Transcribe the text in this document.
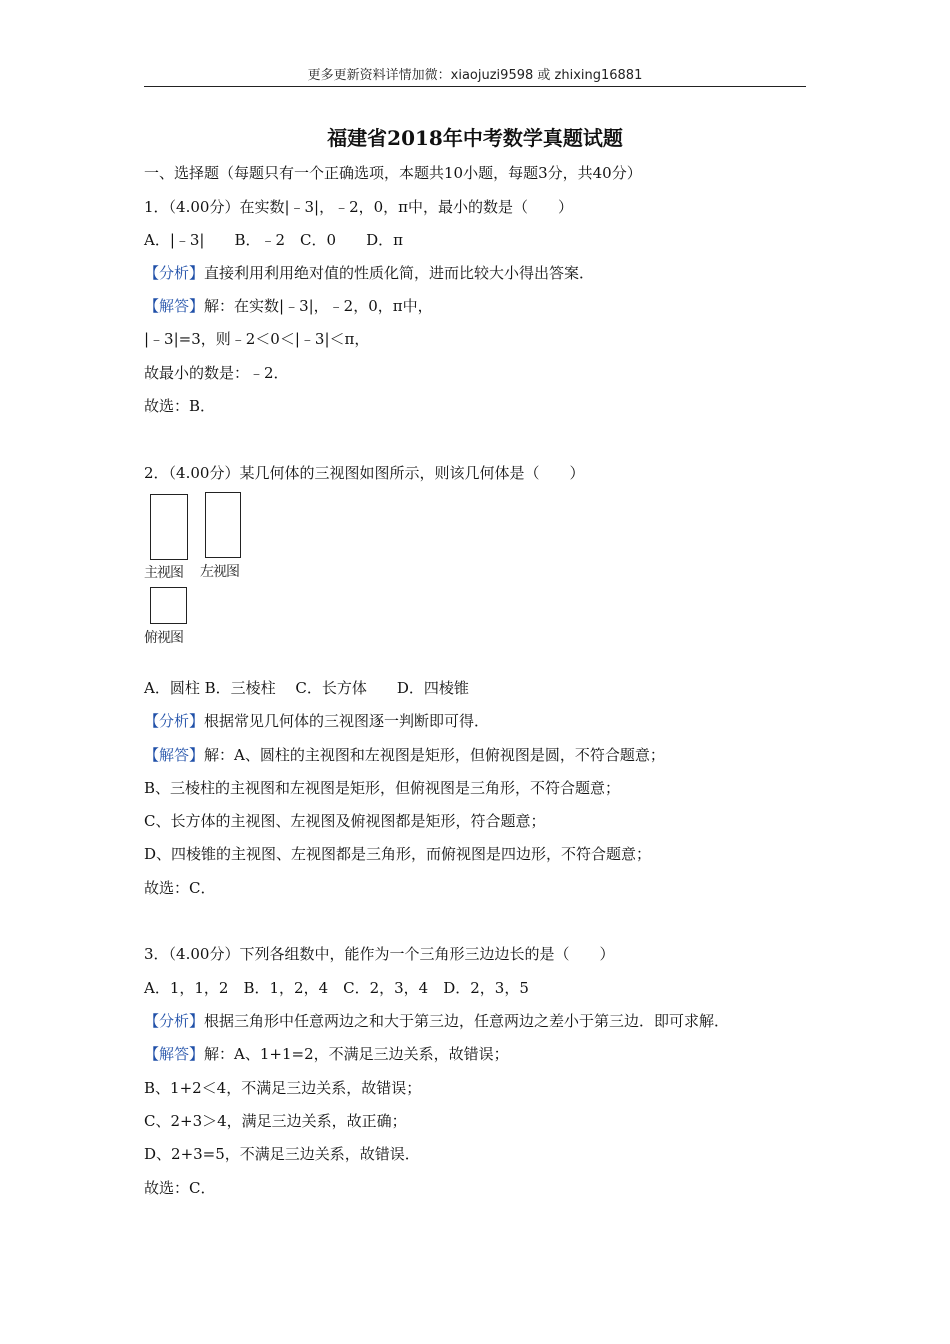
更多更新资料详情加微：xiaojuzi9598 或 zhixing16881
福建省2018年中考数学真题试题
一、选择题（每题只有一个正确选项，本题共10小题，每题3分，共40分）
1．（4.00分）在实数|﹣3|，﹣2，0，π中，最小的数是（　　）
A．|﹣3|　　B．﹣2　C．0　　D．π
【分析】直接利用利用绝对值的性质化简，进而比较大小得出答案．
【解答】解：在实数|﹣3|，﹣2，0，π中，
|﹣3|=3，则﹣2＜0＜|﹣3|＜π，
故最小的数是：﹣2．
故选：B．
2．（4.00分）某几何体的三视图如图所示，则该几何体是（　　）
主视图 左视图
俯视图
A．圆柱 B．三棱柱　 C．长方体　　D．四棱锥
【分析】根据常见几何体的三视图逐一判断即可得．
【解答】解：A、圆柱的主视图和左视图是矩形，但俯视图是圆，不符合题意；
B、三棱柱的主视图和左视图是矩形，但俯视图是三角形，不符合题意；
C、长方体的主视图、左视图及俯视图都是矩形，符合题意；
D、四棱锥的主视图、左视图都是三角形，而俯视图是四边形，不符合题意；
故选：C．
3．（4.00分）下列各组数中，能作为一个三角形三边边长的是（　　）
A．1，1，2　B．1，2，4　C．2，3，4　D．2，3，5
【分析】根据三角形中任意两边之和大于第三边，任意两边之差小于第三边．即可求解．
【解答】解：A、1+1=2，不满足三边关系，故错误；
B、1+2＜4，不满足三边关系，故错误；
C、2+3＞4，满足三边关系，故正确；
D、2+3=5，不满足三边关系，故错误．
故选：C．
